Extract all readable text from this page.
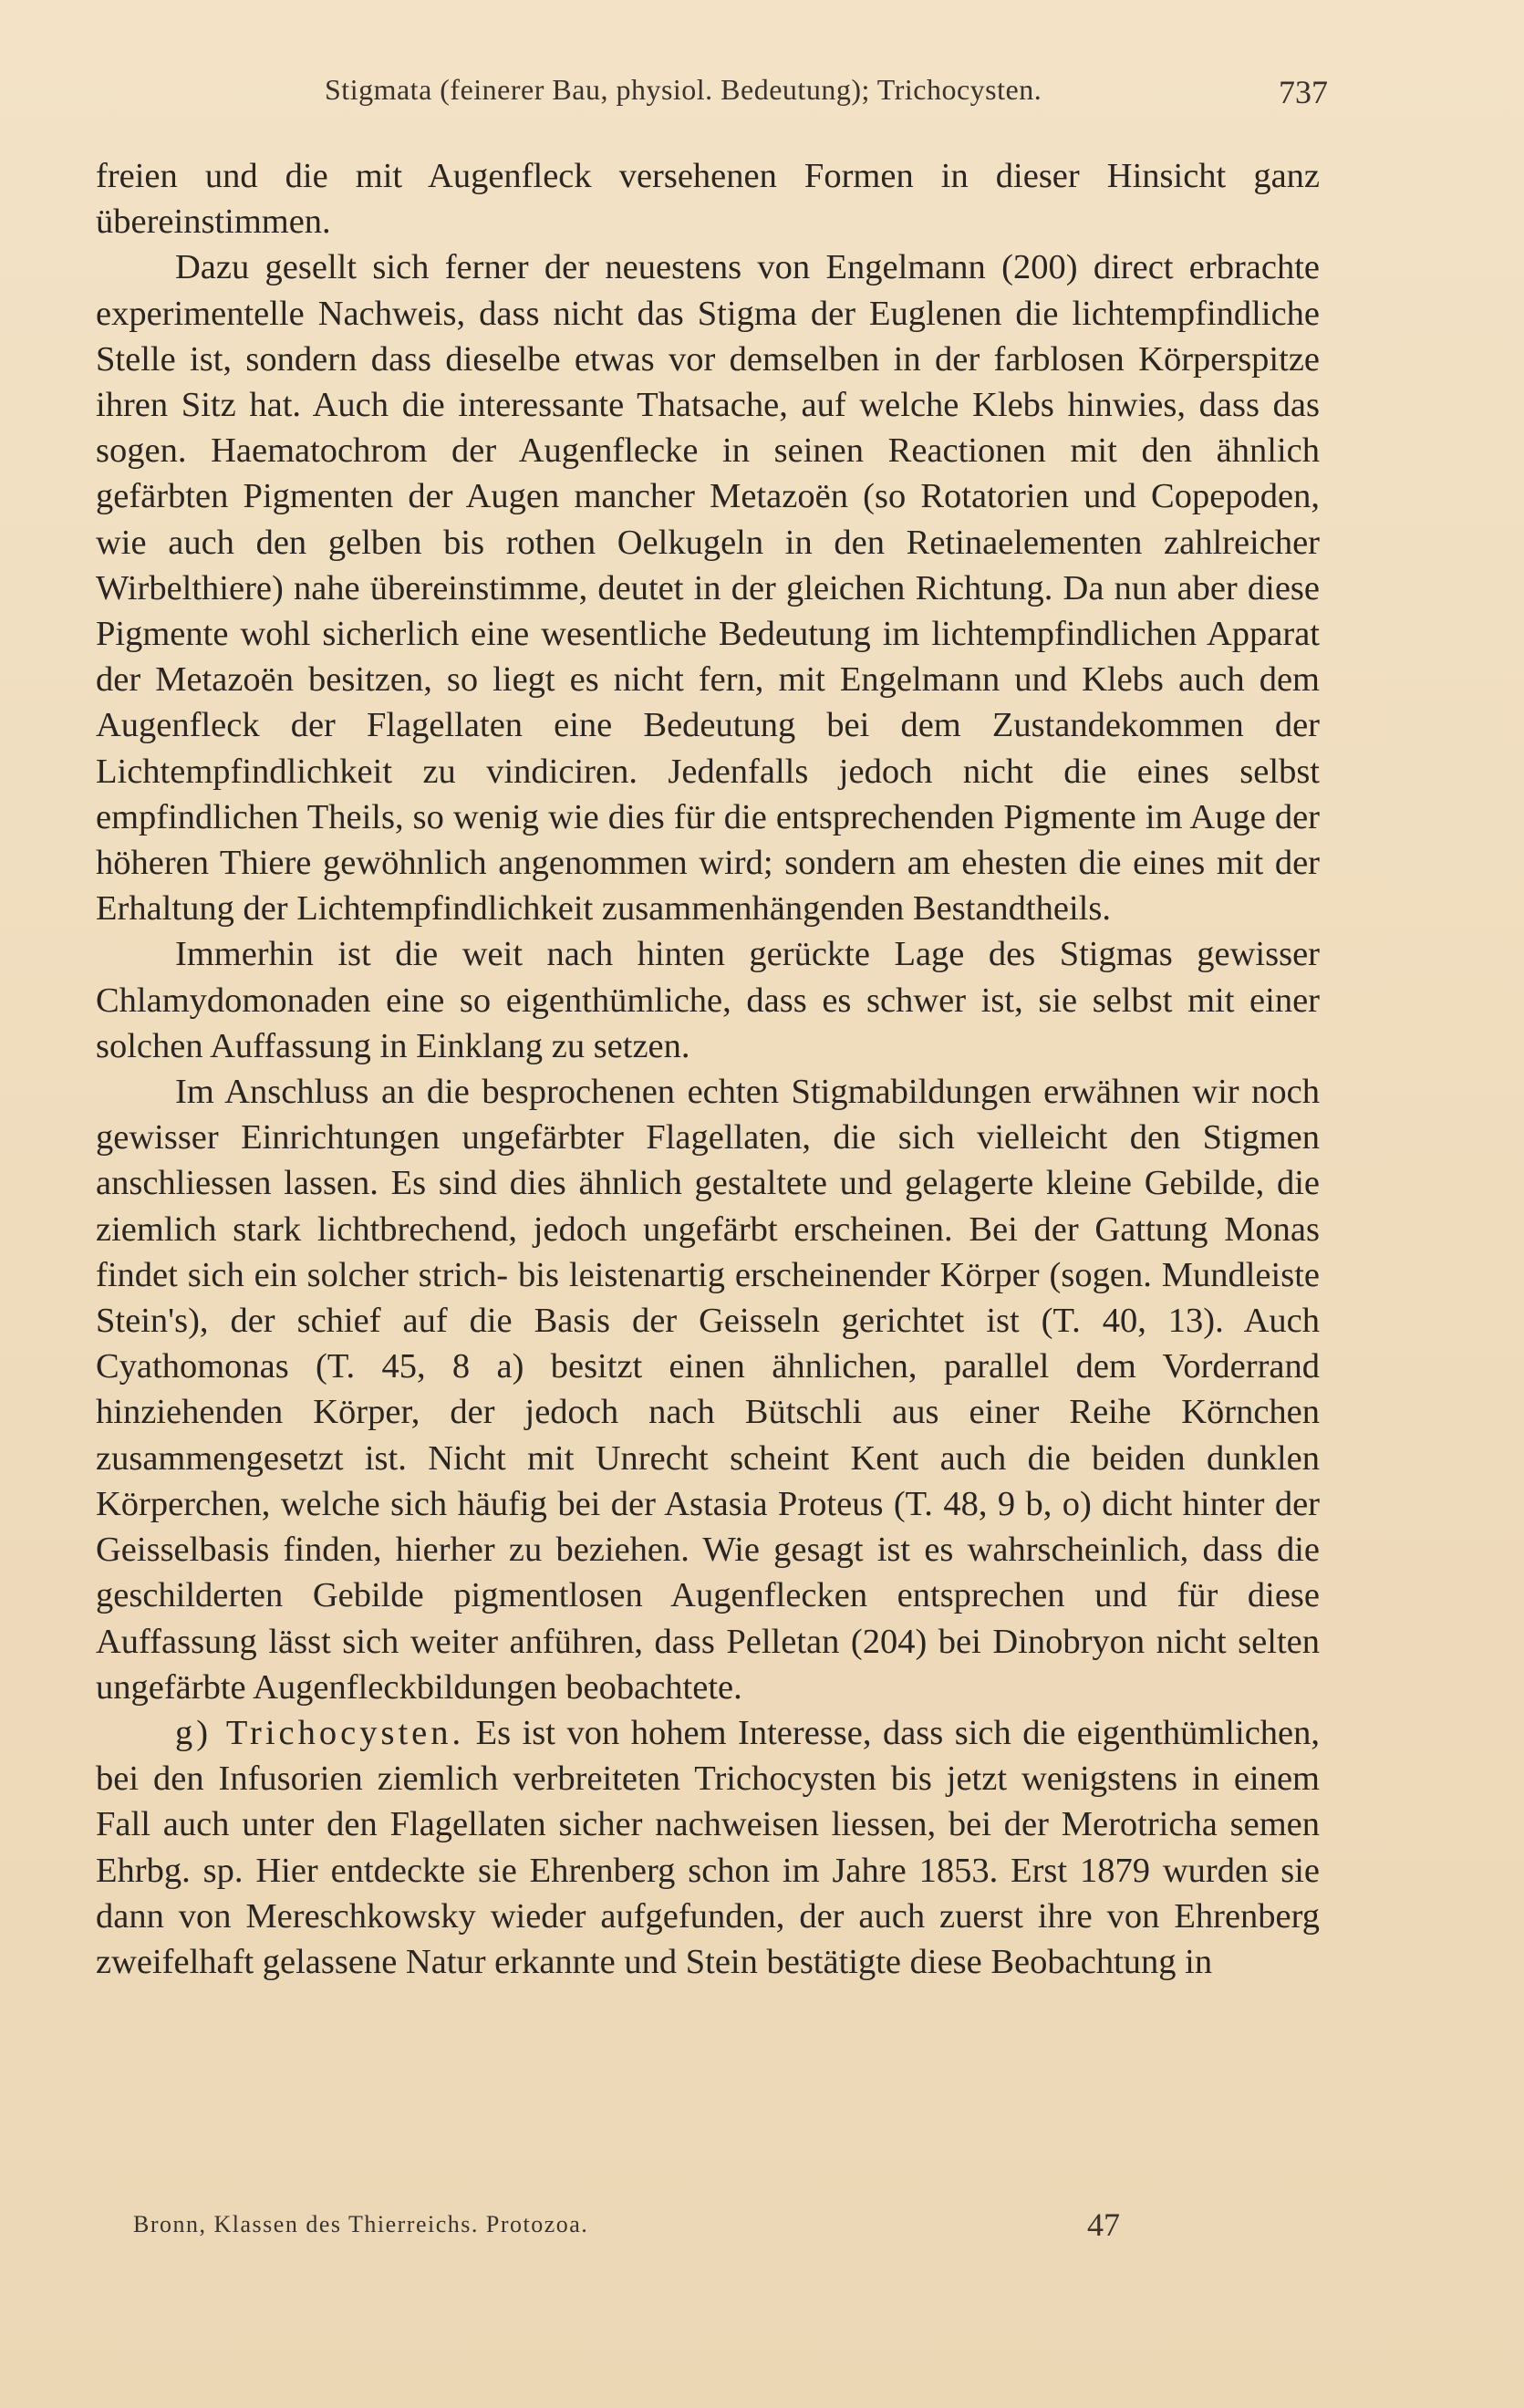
Stigmata (feinerer Bau, physiol. Bedeutung); Trichocysten.	737

freien und die mit Augenfleck versehenen Formen in dieser Hinsicht ganz übereinstimmen.

Dazu gesellt sich ferner der neuestens von Engelmann (200) direct erbrachte experimentelle Nachweis, dass nicht das Stigma der Euglenen die lichtempfindliche Stelle ist, sondern dass dieselbe etwas vor demselben in der farblosen Körperspitze ihren Sitz hat. Auch die interessante Thatsache, auf welche Klebs hinwies, dass das sogen. Haematochrom der Augenflecke in seinen Reactionen mit den ähnlich gefärbten Pigmenten der Augen mancher Metazoën (so Rotatorien und Copepoden, wie auch den gelben bis rothen Oelkugeln in den Retinaelementen zahlreicher Wirbelthiere) nahe übereinstimme, deutet in der gleichen Richtung. Da nun aber diese Pigmente wohl sicherlich eine wesentliche Bedeutung im lichtempfindlichen Apparat der Metazoën besitzen, so liegt es nicht fern, mit Engelmann und Klebs auch dem Augenfleck der Flagellaten eine Bedeutung bei dem Zustandekommen der Lichtempfindlichkeit zu vindiciren. Jedenfalls jedoch nicht die eines selbst empfindlichen Theils, so wenig wie dies für die entsprechenden Pigmente im Auge der höheren Thiere gewöhnlich angenommen wird; sondern am ehesten die eines mit der Erhaltung der Lichtempfindlichkeit zusammenhängenden Bestandtheils.

Immerhin ist die weit nach hinten gerückte Lage des Stigmas gewisser Chlamydomonaden eine so eigenthümliche, dass es schwer ist, sie selbst mit einer solchen Auffassung in Einklang zu setzen.

Im Anschluss an die besprochenen echten Stigmabildungen erwähnen wir noch gewisser Einrichtungen ungefärbter Flagellaten, die sich vielleicht den Stigmen anschliessen lassen. Es sind dies ähnlich gestaltete und gelagerte kleine Gebilde, die ziemlich stark lichtbrechend, jedoch ungefärbt erscheinen. Bei der Gattung Monas findet sich ein solcher strich- bis leistenartig erscheinender Körper (sogen. Mundleiste Stein's), der schief auf die Basis der Geisseln gerichtet ist (T. 40, 13). Auch Cyathomonas (T. 45, 8 a) besitzt einen ähnlichen, parallel dem Vorderrand hinziehenden Körper, der jedoch nach Bütschli aus einer Reihe Körnchen zusammengesetzt ist. Nicht mit Unrecht scheint Kent auch die beiden dunklen Körperchen, welche sich häufig bei der Astasia Proteus (T. 48, 9 b, o) dicht hinter der Geisselbasis finden, hierher zu beziehen. Wie gesagt ist es wahrscheinlich, dass die geschilderten Gebilde pigmentlosen Augenflecken entsprechen und für diese Auffassung lässt sich weiter anführen, dass Pelletan (204) bei Dinobryon nicht selten ungefärbte Augenfleckbildungen beobachtete.

g) Trichocysten. Es ist von hohem Interesse, dass sich die eigenthümlichen, bei den Infusorien ziemlich verbreiteten Trichocysten bis jetzt wenigstens in einem Fall auch unter den Flagellaten sicher nachweisen liessen, bei der Merotricha semen Ehrbg. sp. Hier entdeckte sie Ehrenberg schon im Jahre 1853. Erst 1879 wurden sie dann von Mereschkowsky wieder aufgefunden, der auch zuerst ihre von Ehrenberg zweifelhaft gelassene Natur erkannte und Stein bestätigte diese Beobachtung in

Bronn, Klassen des Thierreichs. Protozoa.	47
